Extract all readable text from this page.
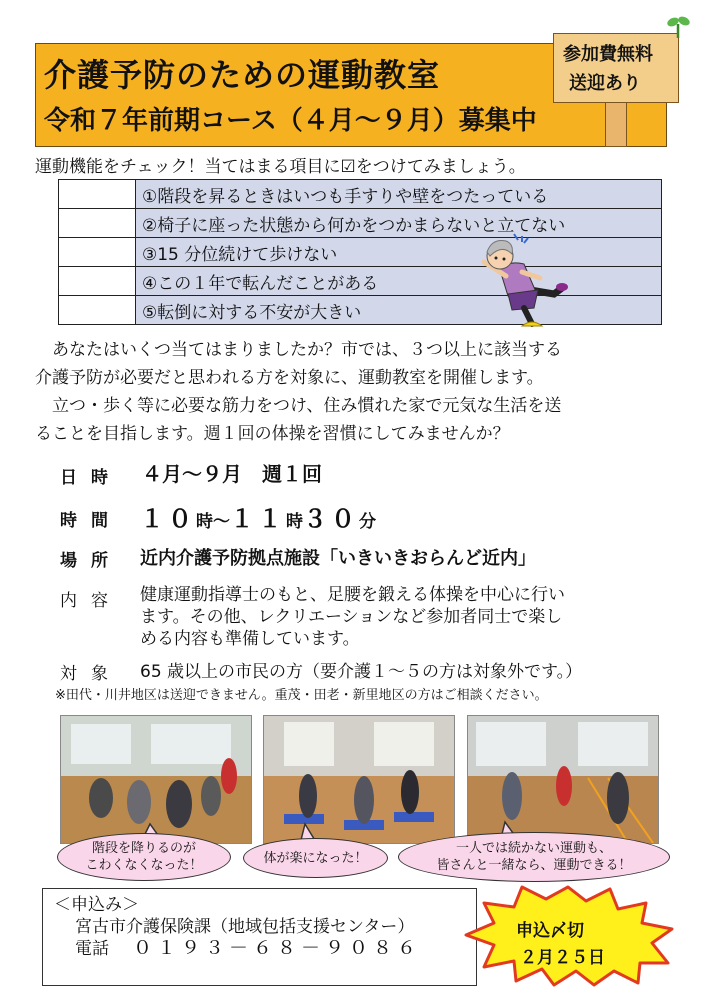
介護予防のための運動教室
令和７年前期コース（４月～９月）募集中
参加費無料
送迎あり
運動機能をチェック！当てはまる項目に☑をつけてみましょう。
	①階段を昇るときはいつも手すりや壁をつたっている
	②椅子に座った状態から何かをつかまらないと立てない
	③15 分位続けて歩けない
	④この１年で転んだことがある
	⑤転倒に対する不安が大きい
　あなたはいくつ当てはまりましたか？市では、３つ以上に該当する
介護予防が必要だと思われる方を対象に、運動教室を開催します。
　立つ・歩く等に必要な筋力をつけ、住み慣れた家で元気な生活を送
ることを目指します。週１回の体操を習慣にしてみませんか？
日時 ４月～９月　週１回
時間 １０時～１１時３０分
場所 近内介護予防拠点施設「いきいきおらんど近内」
内容 健康運動指導士のもと、足腰を鍛える体操を中心に行い
ます。その他、レクリエーションなど参加者同士で楽し
める内容も準備しています。
対象 65 歳以上の市民の方（要介護１～５の方は対象外です。）
※田代・川井地区は送迎できません。重茂・田老・新里地区の方はご相談ください。
階段を降りるのが
こわくなくなった！	体が楽になった！
一人では続かない運動も、
皆さんと一緒なら、運動できる！
＜申込み＞
宮古市介護保険課（地域包括支援センター）
電話 ０１９３－６８－９０８６
申込〆切
２月２５日
